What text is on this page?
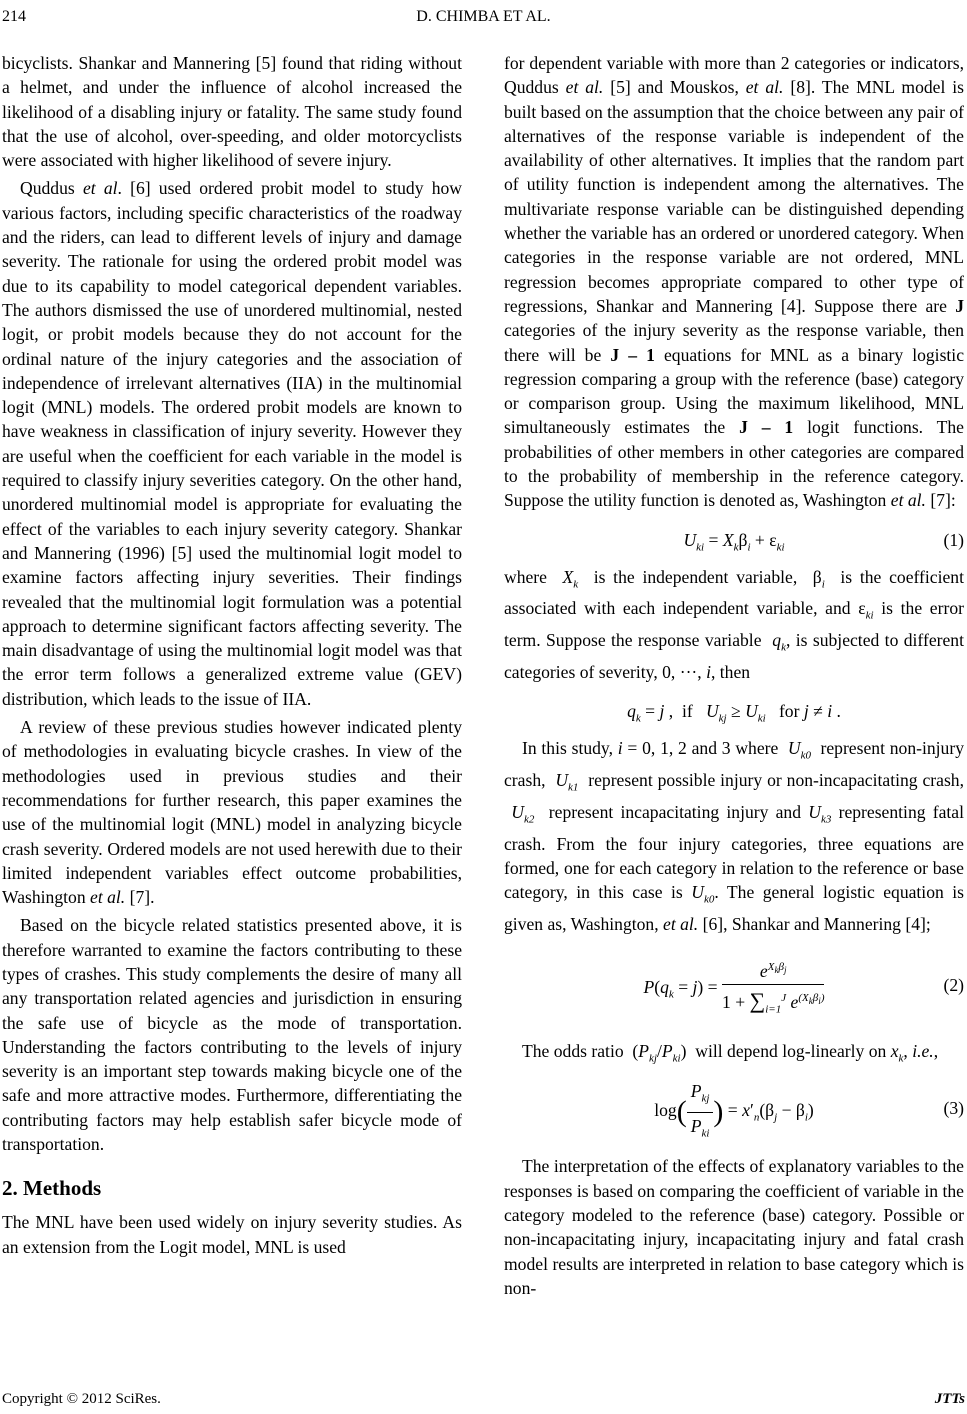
214	D. CHIMBA ET AL.

bicyclists. Shankar and Mannering [5] found that riding without a helmet, and under the influence of alcohol increased the likelihood of a disabling injury or fatality. The same study found that the use of alcohol, over-speeding, and older motorcyclists were associated with higher likelihood of severe injury.

Quddus et al. [6] used ordered probit model to study how various factors, including specific characteristics of the roadway and the riders, can lead to different levels of injury and damage severity. The rationale for using the ordered probit model was due to its capability to model categorical dependent variables. The authors dismissed the use of unordered multinomial, nested logit, or probit models because they do not account for the ordinal nature of the injury categories and the association of independence of irrelevant alternatives (IIA) in the multinomial logit (MNL) models. The ordered probit models are known to have weakness in classification of injury severity. However they are useful when the coefficient for each variable in the model is required to classify injury severities category. On the other hand, unordered multinomial model is appropriate for evaluating the effect of the variables to each injury severity category. Shankar and Mannering (1996) [5] used the multinomial logit model to examine factors affecting injury severities. Their findings revealed that the multinomial logit formulation was a potential approach to determine significant factors affecting severity. The main disadvantage of using the multinomial logit model was that the error term follows a generalized extreme value (GEV) distribution, which leads to the issue of IIA.

A review of these previous studies however indicated plenty of methodologies in evaluating bicycle crashes. In view of the methodologies used in previous studies and their recommendations for further research, this paper examines the use of the multinomial logit (MNL) model in analyzing bicycle crash severity. Ordered models are not used herewith due to their limited independent variables effect outcome probabilities, Washington et al. [7].

Based on the bicycle related statistics presented above, it is therefore warranted to examine the factors contributing to these types of crashes. This study complements the desire of many all any transportation related agencies and jurisdiction in ensuring the safe use of bicycle as the mode of transportation. Understanding the factors contributing to the levels of injury severity is an important step towards making bicycle one of the safe and more attractive modes. Furthermore, differentiating the contributing factors may help establish safer bicycle mode of transportation.

2. Methods

The MNL have been used widely on injury severity studies. As an extension from the Logit model, MNL is used

for dependent variable with more than 2 categories or indicators, Quddus et al. [5] and Mouskos, et al. [8]. The MNL model is built based on the assumption that the choice between any pair of alternatives of the response variable is independent of the availability of other alternatives. It implies that the random part of utility function is independent among the alternatives. The multivariate response variable can be distinguished depending whether the variable has an ordered or unordered category. When categories in the response variable are not ordered, MNL regression becomes appropriate compared to other type of regressions, Shankar and Mannering [4]. Suppose there are J categories of the injury severity as the response variable, then there will be J – 1 equations for MNL as a binary logistic regression comparing a group with the reference (base) category or comparison group. Using the maximum likelihood, MNL simultaneously estimates the J – 1 logit functions. The probabilities of other members in other categories are compared to the probability of membership in the reference category. Suppose the utility function is denoted as, Washington et al. [7]:

$U_{ki} = X_k\beta_i + \varepsilon_{ki}$	(1)

where  $X_k$  is the independent variable,  $\beta_i$  is the coefficient associated with each independent variable, and $\varepsilon_{ki}$ is the error term. Suppose the response variable  $q_k$, is subjected to different categories of severity, 0, ···, i, then

$q_k = j$ ,  if $U_{kj} \ge U_{ki}$ for j ≠ i .

In this study, i = 0, 1, 2 and 3 where  $U_{k0}$  represent non-injury crash,  $U_{k1}$  represent possible injury or non-incapacitating crash,  $U_{k2}$  represent incapacitating injury and $U_{k3}$ representing fatal crash. From the four injury categories, three equations are formed, one for each category in relation to the reference or base category, in this case is $U_{k0}$. The general logistic equation is given as, Washington, et al. [6], Shankar and Mannering [4];

$P(q_k = j) = \frac{e^{X_k\beta_j}}{1 + \sum_{i=1}^J e^{(X_k\beta_i)}}$	(2)

The odds ratio  $(P_{kj}/P_{ki})$  will depend log-linearly on $x_k$, i.e.,

$\log( \frac{P_{kj}}{P_{ki}}$ ) = $x'_n(\beta_j - \beta_i)$	(3)

The interpretation of the effects of explanatory variables to the responses is based on comparing the coefficient of variable in the category modeled to the reference (base) category. Possible or non-incapacitating injury, incapacitating injury and fatal crash model results are interpreted in relation to base category which is non-

Copyright © 2012 SciRes.	JTTs
